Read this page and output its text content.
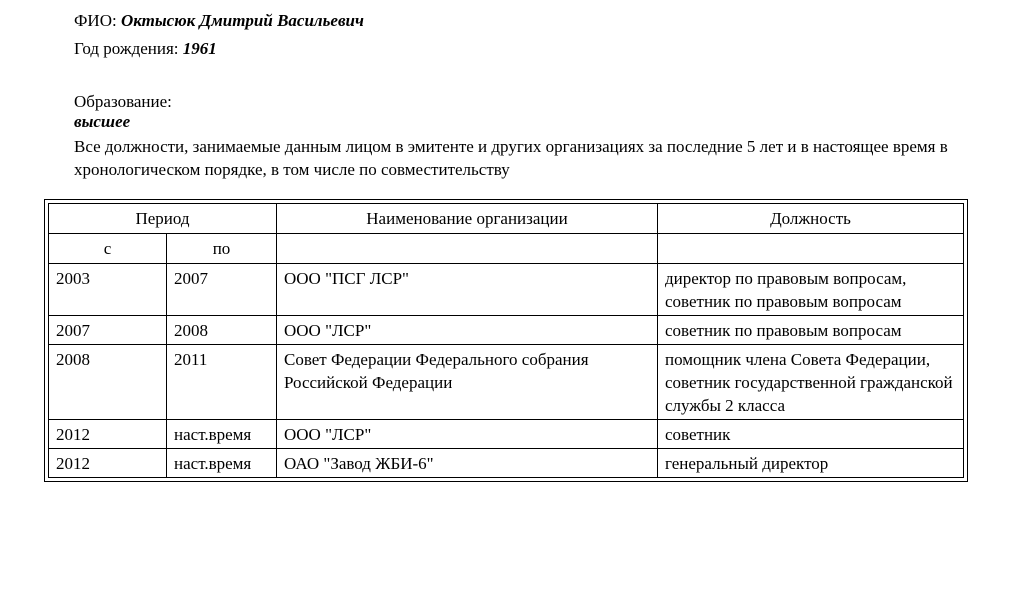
ФИО: Октысюк Дмитрий Васильевич
Год рождения: 1961
Образование:
высшее
Все должности, занимаемые данным лицом в эмитенте и других организациях за последние 5 лет и в настоящее время в хронологическом порядке, в том числе по совместительству
Период		Наименование организации	Должность
с	по		
2003	2007	ООО "ПСГ ЛСР"	директор по правовым вопросам, советник по правовым вопросам
2007	2008	ООО "ЛСР"	советник по правовым вопросам
2008	2011	Совет Федерации Федерального собрания Российской Федерации	помощник члена Совета Федерации, советник государственной гражданской службы 2 класса
2012	наст.время	ООО "ЛСР"	советник
2012	наст.время	ОАО "Завод ЖБИ-6"	генеральный директор
